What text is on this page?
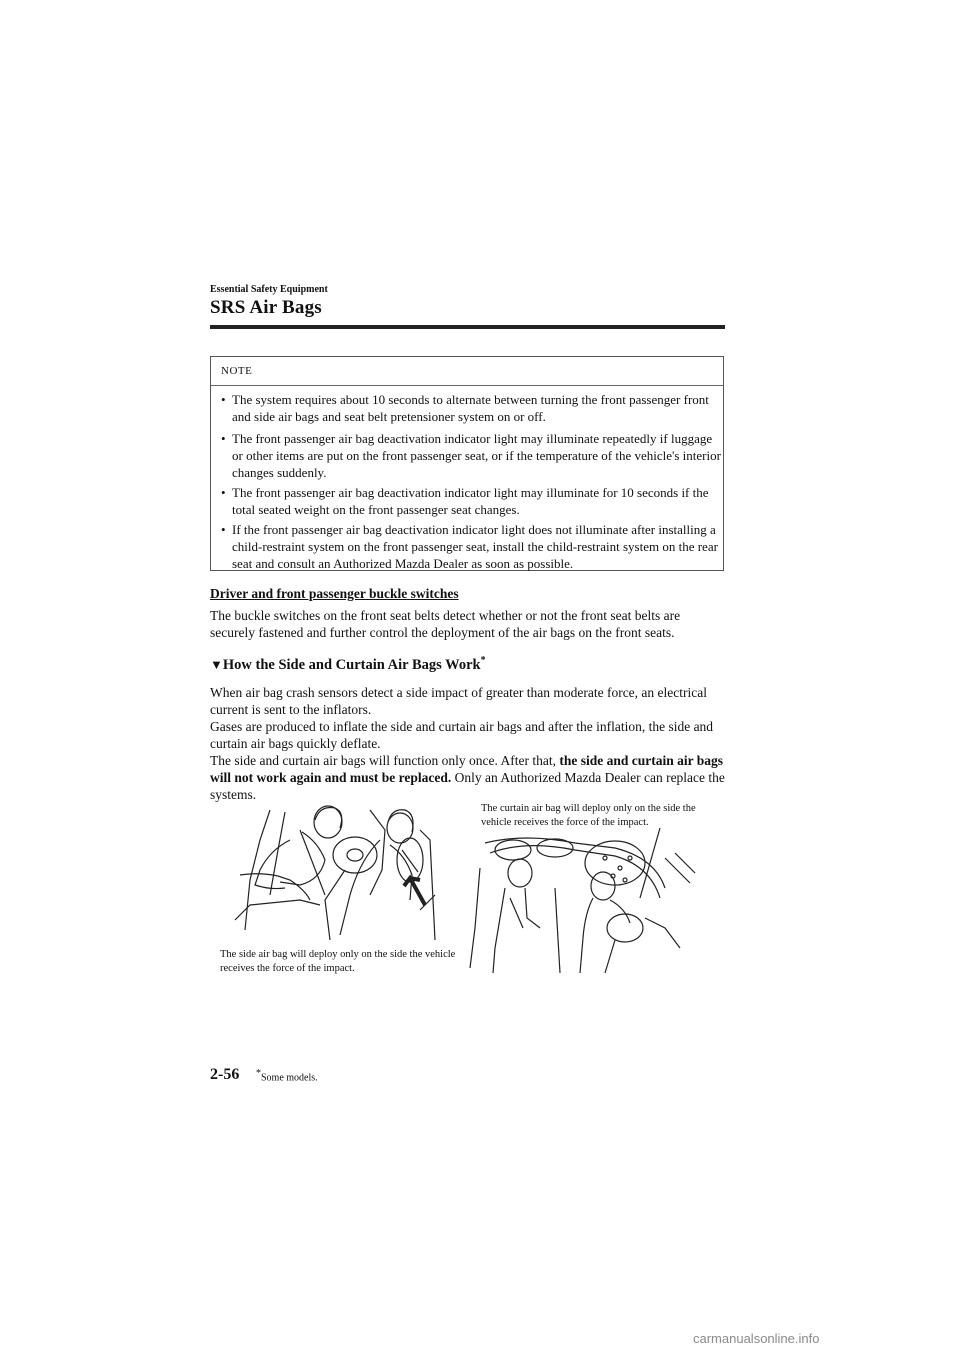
Essential Safety Equipment
SRS Air Bags
NOTE
• The system requires about 10 seconds to alternate between turning the front passenger front and side air bags and seat belt pretensioner system on or off.
• The front passenger air bag deactivation indicator light may illuminate repeatedly if luggage or other items are put on the front passenger seat, or if the temperature of the vehicle's interior changes suddenly.
• The front passenger air bag deactivation indicator light may illuminate for 10 seconds if the total seated weight on the front passenger seat changes.
• If the front passenger air bag deactivation indicator light does not illuminate after installing a child-restraint system on the front passenger seat, install the child-restraint system on the rear seat and consult an Authorized Mazda Dealer as soon as possible.
Driver and front passenger buckle switches
The buckle switches on the front seat belts detect whether or not the front seat belts are securely fastened and further control the deployment of the air bags on the front seats.
▼How the Side and Curtain Air Bags Work*
When air bag crash sensors detect a side impact of greater than moderate force, an electrical current is sent to the inflators.
Gases are produced to inflate the side and curtain air bags and after the inflation, the side and curtain air bags quickly deflate.
The side and curtain air bags will function only once. After that, the side and curtain air bags will not work again and must be replaced. Only an Authorized Mazda Dealer can replace the systems.
The side air bag will deploy only on the side the vehicle receives the force of the impact.
The curtain air bag will deploy only on the side the vehicle receives the force of the impact.
2-56 *Some models.
carmanualsonline.info
